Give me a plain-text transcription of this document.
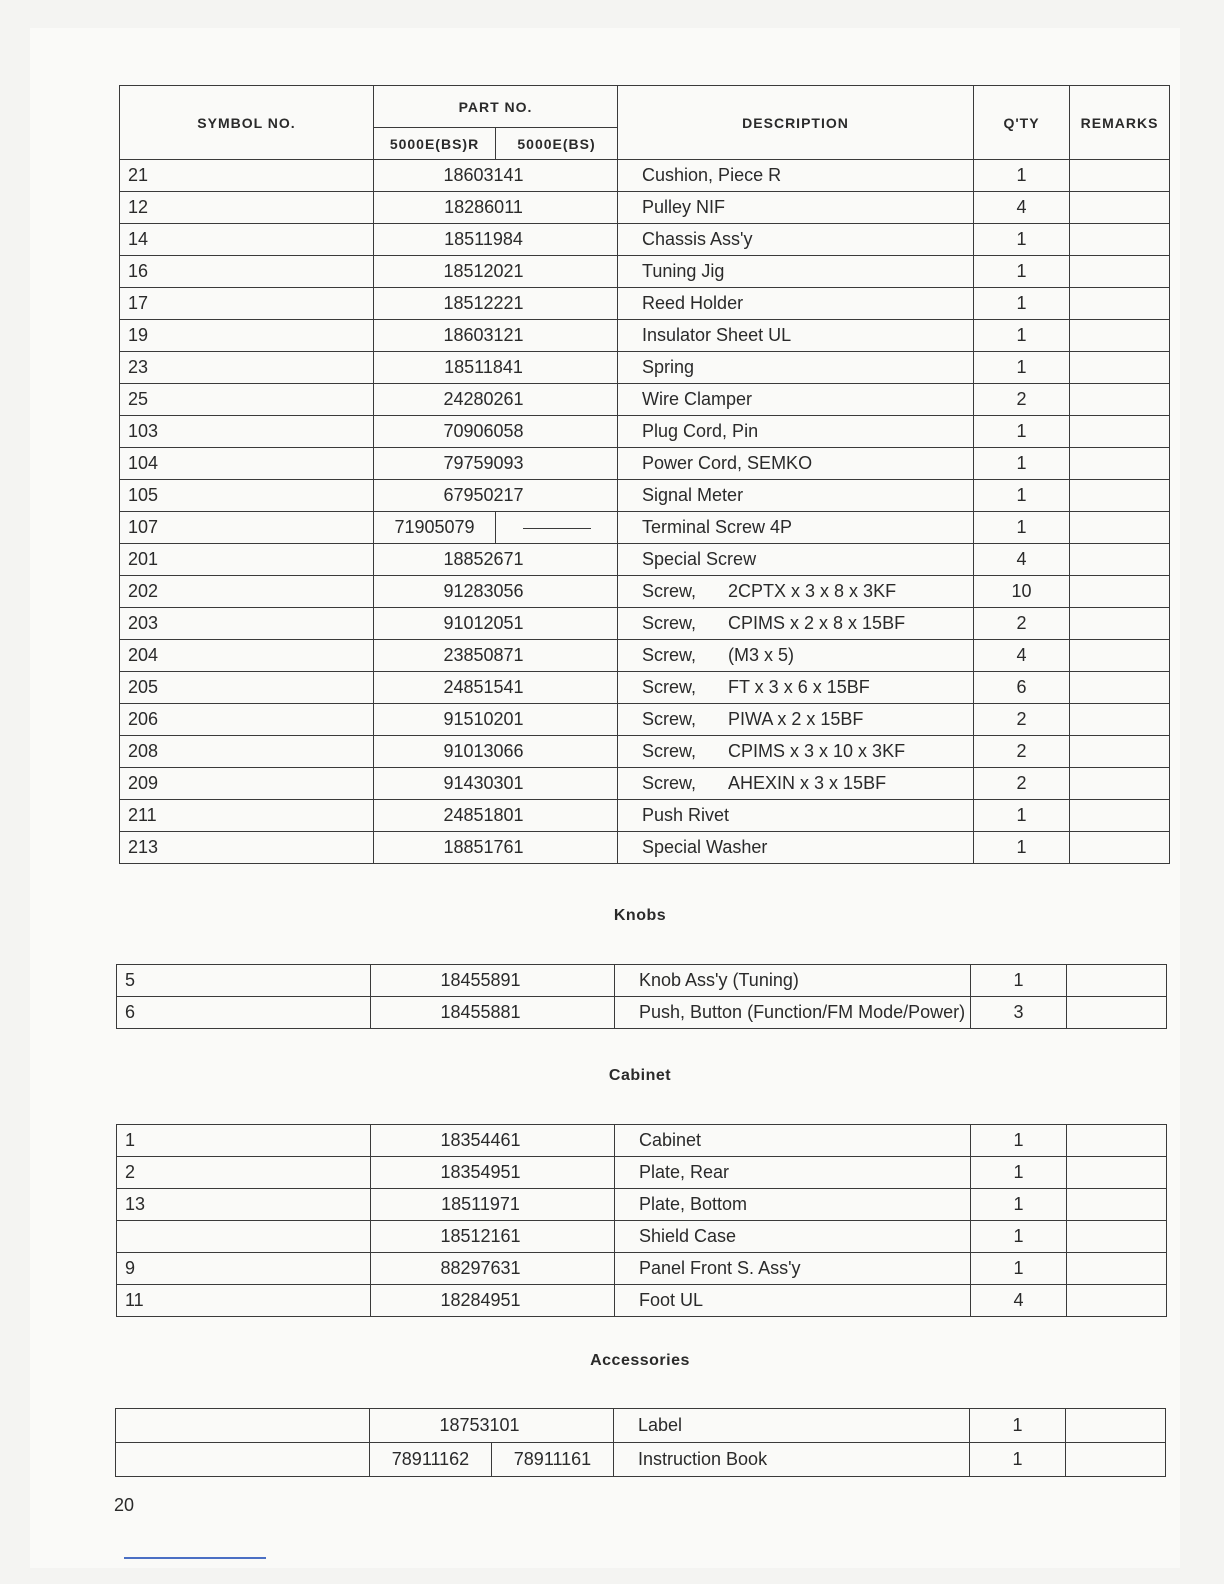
SYMBOL NO.	PART NO.		DESCRIPTION	Q'TY	REMARKS
	5000E(BS)R	5000E(BS)			
21	18603141		Cushion, Piece R	1	
12	18286011		Pulley NIF	4	
14	18511984		Chassis Ass'y	1	
16	18512021		Tuning Jig	1	
17	18512221		Reed Holder	1	
19	18603121		Insulator Sheet UL	1	
23	18511841		Spring	1	
25	24280261		Wire Clamper	2	
103	70906058		Plug Cord, Pin	1	
104	79759093		Power Cord, SEMKO	1	
105	67950217		Signal Meter	1	
107	71905079		Terminal Screw 4P	1	
201	18852671		Special Screw	4	
202	91283056		Screw, 2CPTX x 3 x 8 x 3KF	10	
203	91012051		Screw, CPIMS x 2 x 8 x 15BF	2	
204	23850871		Screw, (M3 x 5)	4	
205	24851541		Screw, FT x 3 x 6 x 15BF	6	
206	91510201		Screw, PIWA x 2 x 15BF	2	
208	91013066		Screw, CPIMS x 3 x 10 x 3KF	2	
209	91430301		Screw, AHEXIN x 3 x 15BF	2	
211	24851801		Push Rivet	1	
213	18851761		Special Washer	1	
Knobs
5	18455891	Knob Ass'y (Tuning)	1	
6	18455881	Push, Button (Function/FM Mode/Power)	3	
Cabinet
1	18354461	Cabinet	1	
2	18354951	Plate, Rear	1	
13	18511971	Plate, Bottom	1	
	18512161	Shield Case	1	
9	88297631	Panel Front S. Ass'y	1	
11	18284951	Foot UL	4	
Accessories
	18753101		Label	1	
	78911162	78911161	Instruction Book	1	
20
